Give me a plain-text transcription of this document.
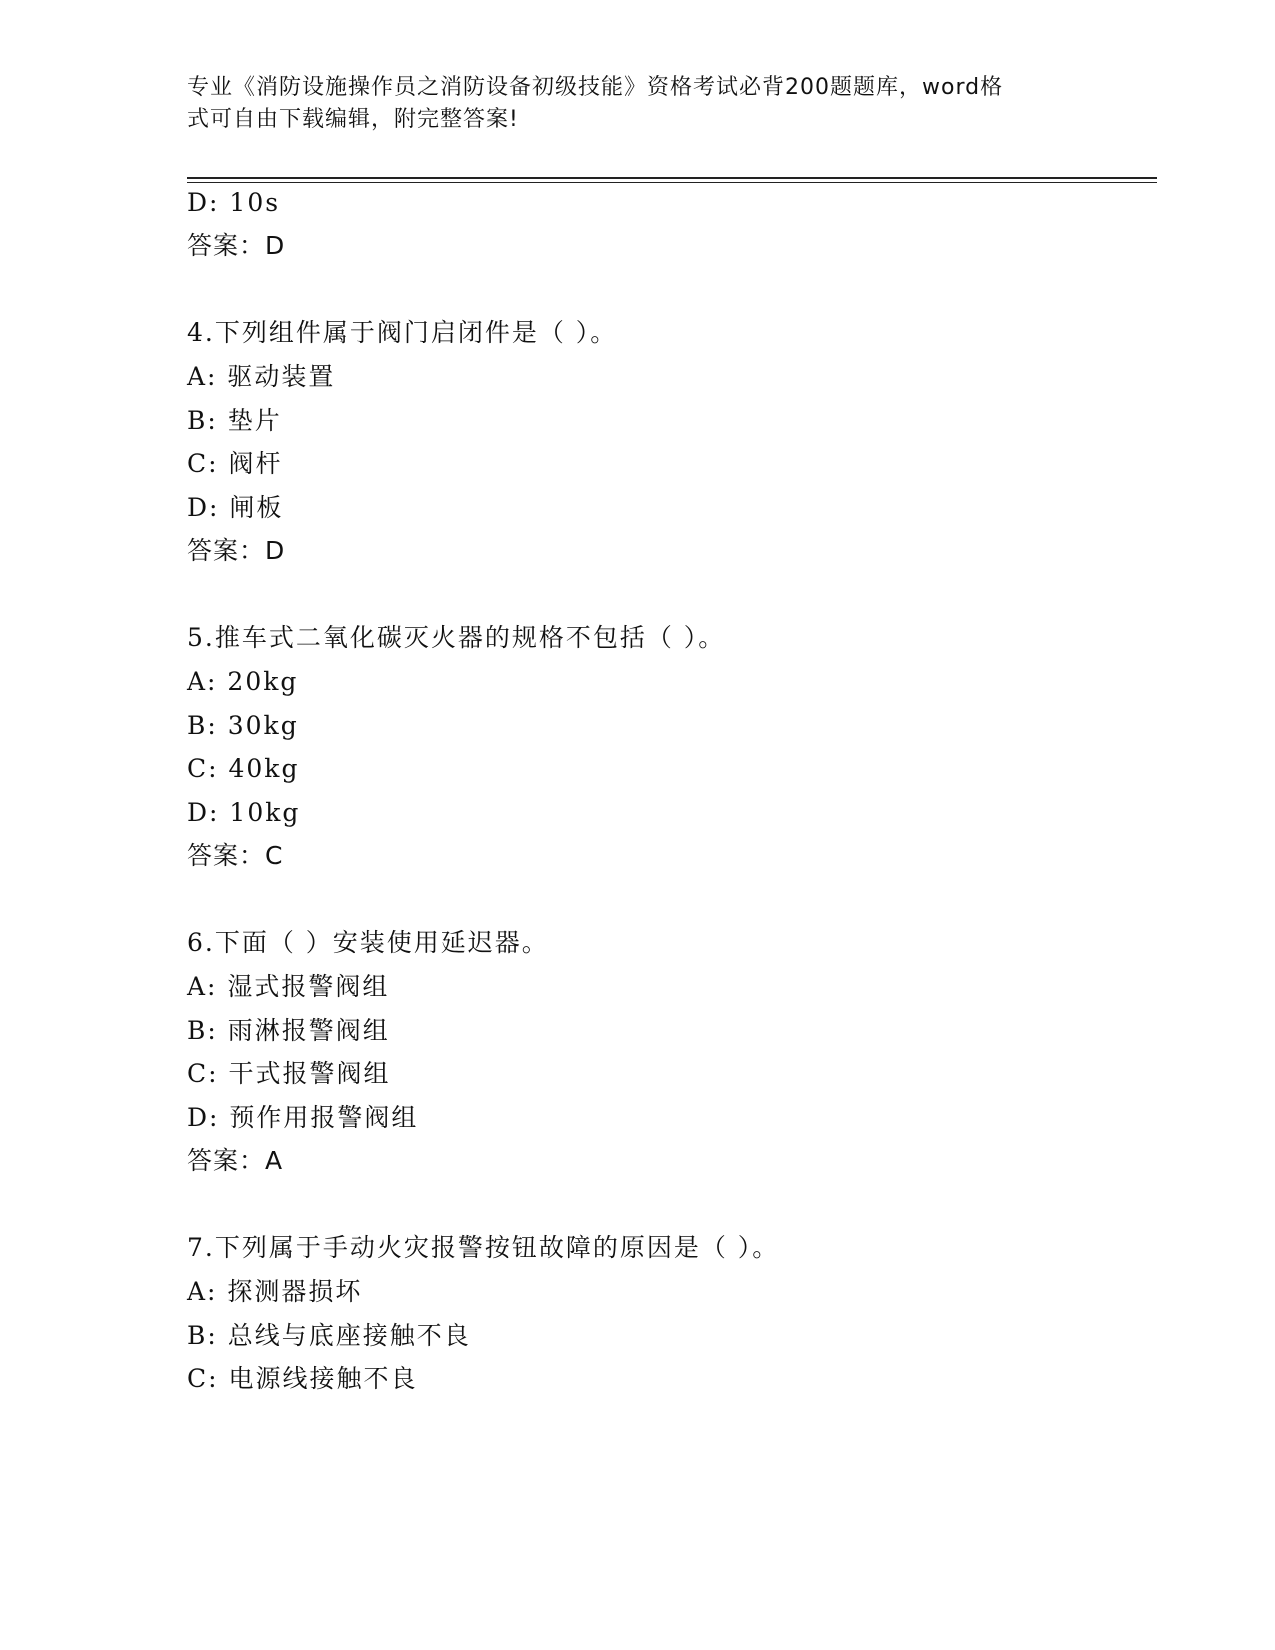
专业《消防设施操作员之消防设备初级技能》资格考试必背200题题库，word格
式可自由下载编辑，附完整答案!
D: 10s
答案：D
4.下列组件属于阀门启闭件是（ ）。
A: 驱动装置
B: 垫片
C: 阀杆
D: 闸板
答案：D
5.推车式二氧化碳灭火器的规格不包括（ ）。
A: 20kg
B: 30kg
C: 40kg
D: 10kg
答案：C
6.下面（ ）安装使用延迟器。
A: 湿式报警阀组
B: 雨淋报警阀组
C: 干式报警阀组
D: 预作用报警阀组
答案：A
7.下列属于手动火灾报警按钮故障的原因是（ ）。
A: 探测器损坏
B: 总线与底座接触不良
C: 电源线接触不良
